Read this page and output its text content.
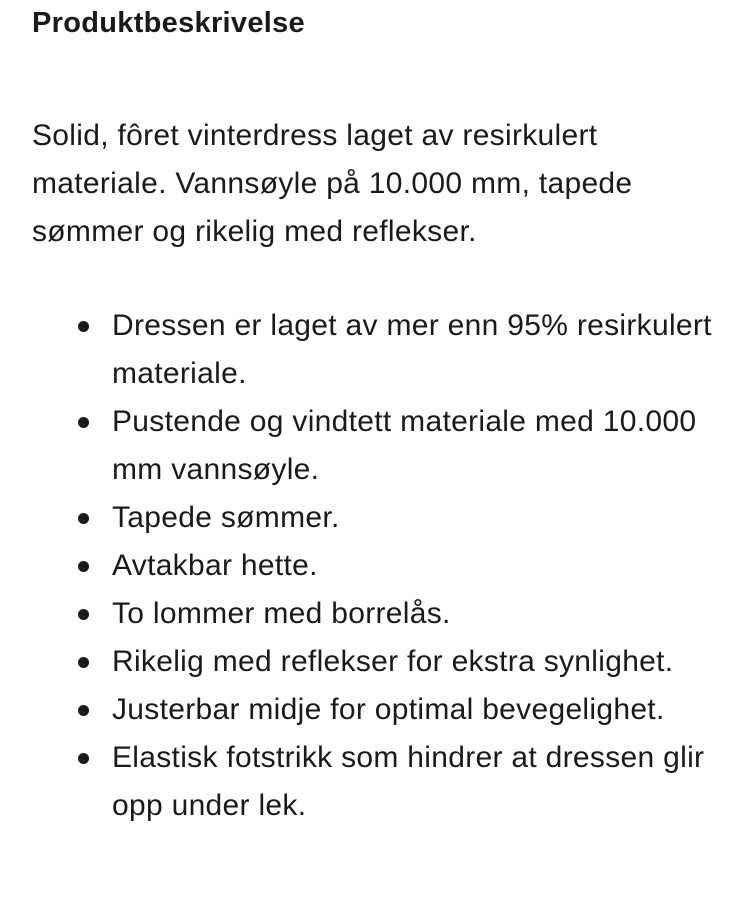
Produktbeskrivelse

Solid, fôret vinterdress laget av resirkulert materiale. Vannsøyle på 10.000 mm, tapede sømmer og rikelig med reflekser.

Dressen er laget av mer enn 95% resirkulert materiale.
Pustende og vindtett materiale med 10.000 mm vannsøyle.
Tapede sømmer.
Avtakbar hette.
To lommer med borrelås.
Rikelig med reflekser for ekstra synlighet.
Justerbar midje for optimal bevegelighet.
Elastisk fotstrikk som hindrer at dressen glir opp under lek.
